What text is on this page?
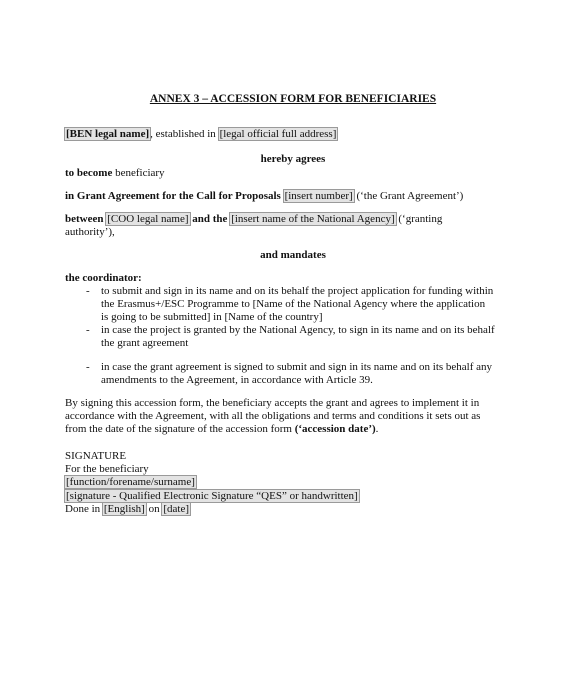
ANNEX 3 – ACCESSION FORM FOR BENEFICIARIES
[BEN legal name], established in [legal official full address]
hereby agrees
to become beneficiary
in Grant Agreement for the Call for Proposals [insert number] (‘the Grant Agreement’)
between [COO legal name] and the [insert name of the National Agency] (‘granting
authority’),
and mandates
the coordinator:
- to submit and sign in its name and on its behalf the project application for funding within
the Erasmus+/ESC Programme to [Name of the National Agency where the application
is going to be submitted] in [Name of the country]
- in case the project is granted by the National Agency, to sign in its name and on its behalf
the grant agreement
- in case the grant agreement is signed to submit and sign in its name and on its behalf any
amendments to the Agreement, in accordance with Article 39.
By signing this accession form, the beneficiary accepts the grant and agrees to implement it in
accordance with the Agreement, with all the obligations and terms and conditions it sets out as
from the date of the signature of the accession form (‘accession date’).
SIGNATURE
For the beneficiary
[function/forename/surname]
[signature - Qualified Electronic Signature “QES” or handwritten]
Done in [English] on [date]
